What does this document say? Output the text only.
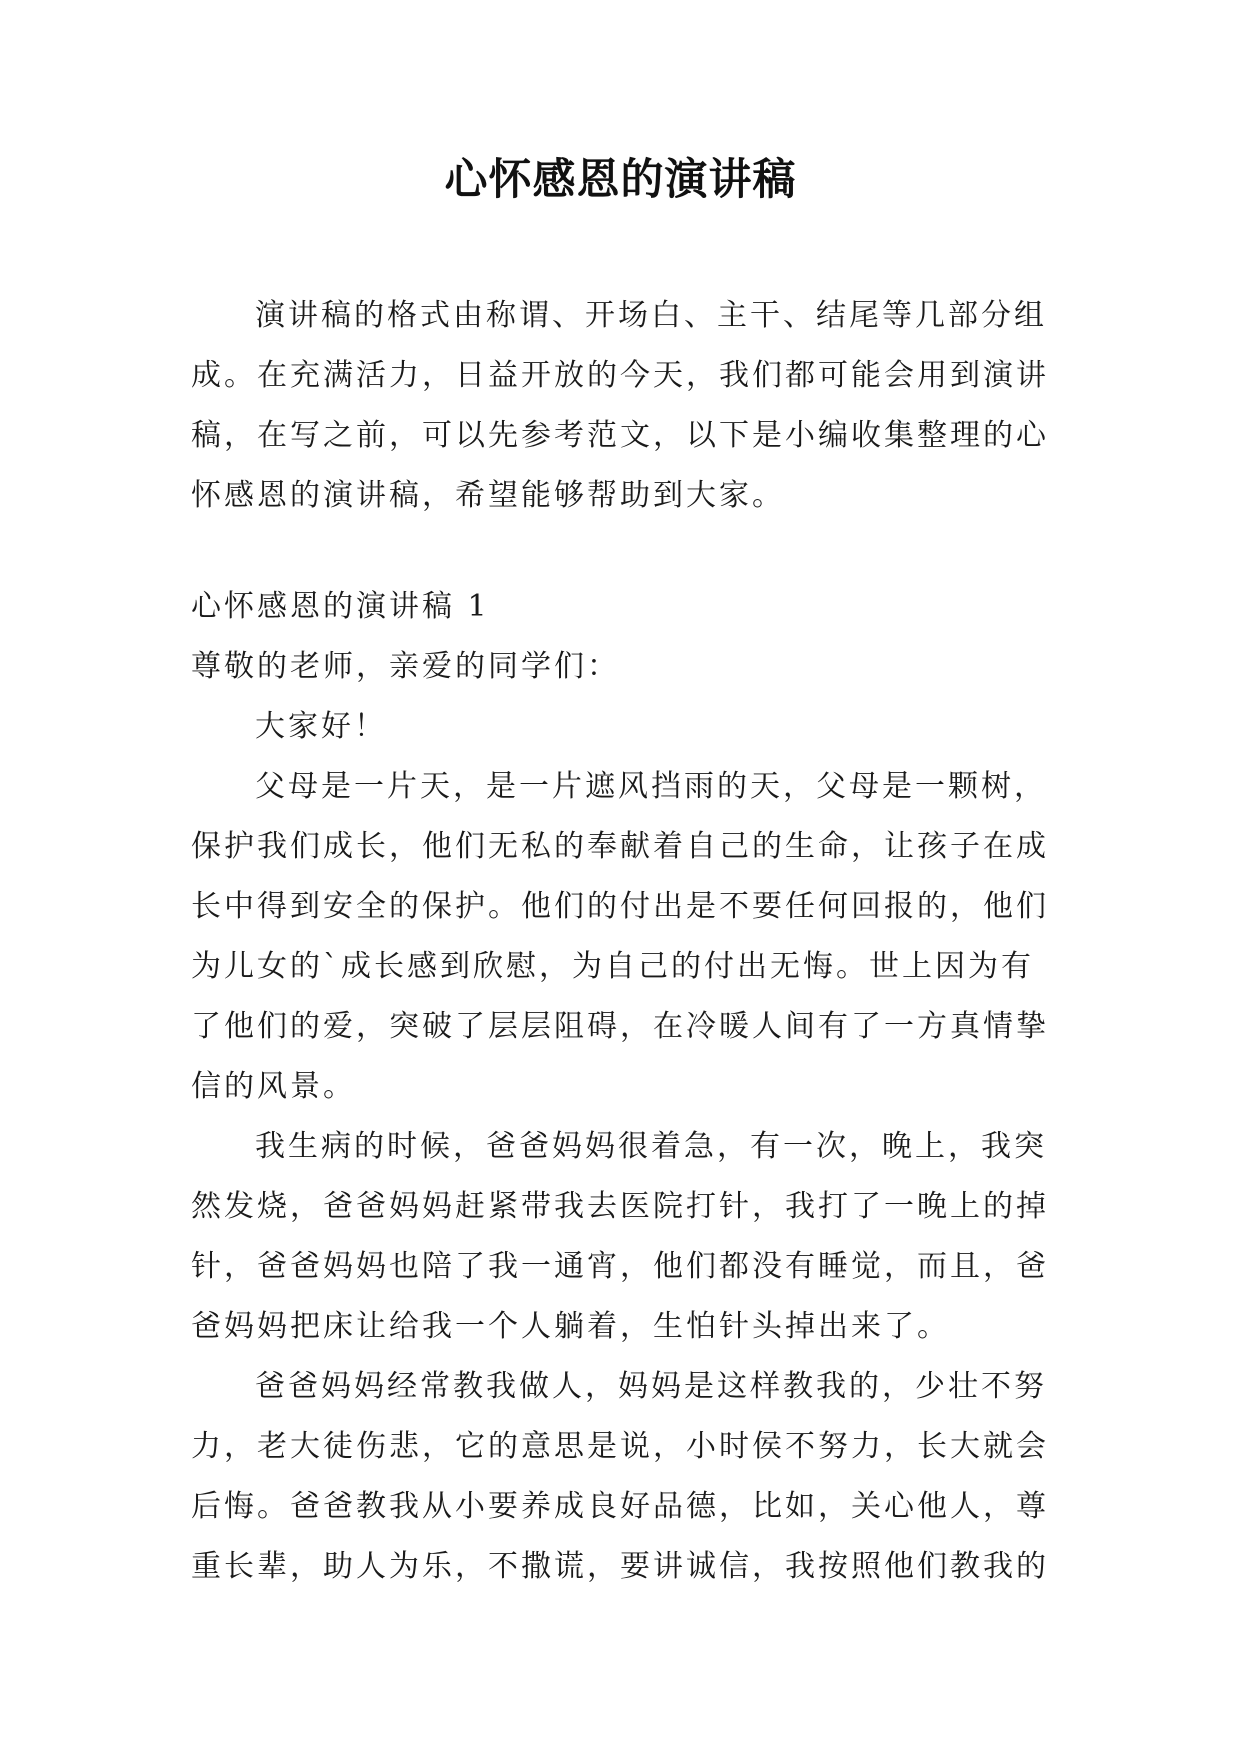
心怀感恩的演讲稿

演讲稿的格式由称谓、开场白、主干、结尾等几部分组成。在充满活力，日益开放的今天，我们都可能会用到演讲稿，在写之前，可以先参考范文，以下是小编收集整理的心怀感恩的演讲稿，希望能够帮助到大家。

心怀感恩的演讲稿 1

尊敬的老师，亲爱的同学们：

大家好！

父母是一片天，是一片遮风挡雨的天，父母是一颗树，保护我们成长，他们无私的奉献着自己的生命，让孩子在成长中得到安全的保护。他们的付出是不要任何回报的，他们为儿女的`成长感到欣慰，为自己的付出无悔。世上因为有了他们的爱，突破了层层阻碍，在冷暖人间有了一方真情挚信的风景。

我生病的时候，爸爸妈妈很着急，有一次，晚上，我突然发烧，爸爸妈妈赶紧带我去医院打针，我打了一晚上的掉针，爸爸妈妈也陪了我一通宵，他们都没有睡觉，而且，爸爸妈妈把床让给我一个人躺着，生怕针头掉出来了。

爸爸妈妈经常教我做人，妈妈是这样教我的，少壮不努力，老大徒伤悲，它的意思是说，小时侯不努力，长大就会后悔。爸爸教我从小要养成良好品德，比如，关心他人，尊重长辈，助人为乐，不撒谎，要讲诚信，我按照他们教我的
